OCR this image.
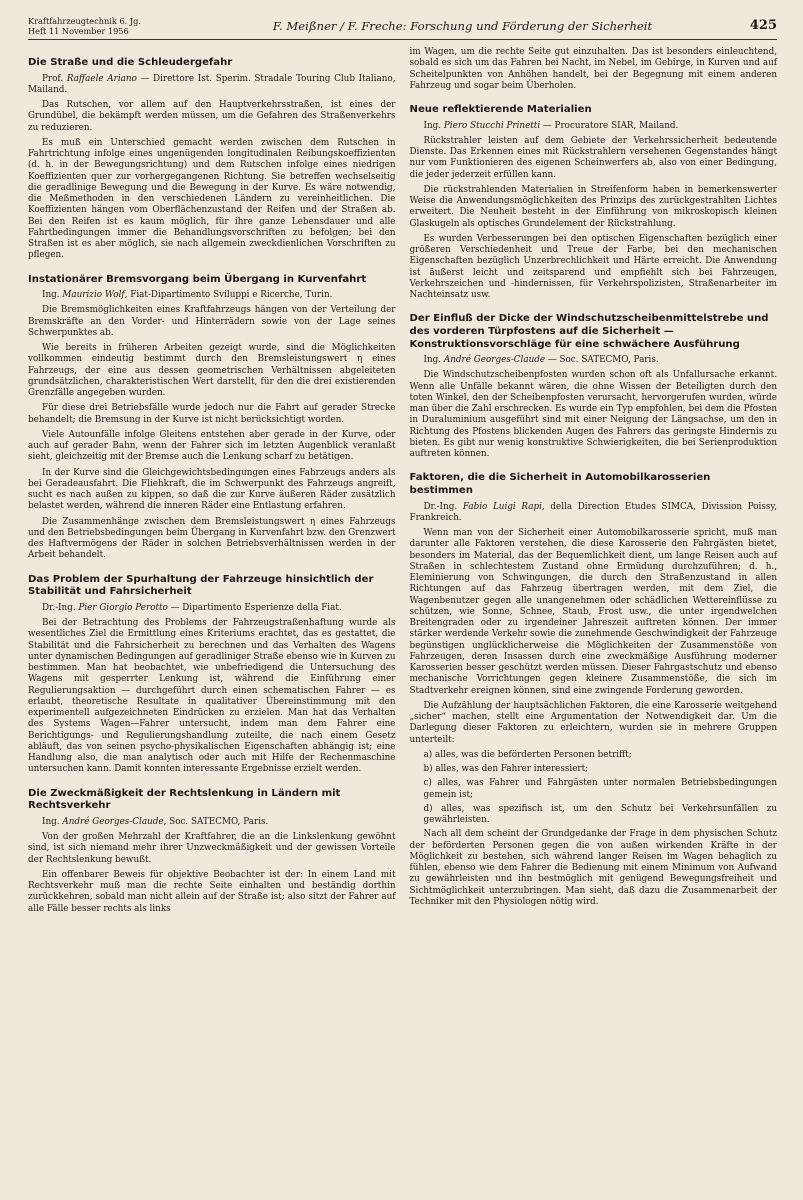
Kraftfahrzeugtechnik 6. Jg.
Heft 11 November 1956	F. Meißner / F. Freche: Forschung und Förderung der Sicherheit	425
Die Straße und die Schleudergefahr

Prof. Raffaele Ariano — Direttore Ist. Sperim. Stradale Touring Club Italiano, Mailand.

Das Rutschen, vor allem auf den Hauptverkehrsstraßen, ist eines der Grundübel, die bekämpft werden müssen, um die Gefahren des Straßenverkehrs zu reduzieren.

Es muß ein Unterschied gemacht werden zwischen dem Rutschen in Fahrtrichtung infolge eines ungenügenden longitudinalen Reibungskoeffizienten (d. h. in der Bewegungsrichtung) und dem Rutschen infolge eines niedrigen Koeffizienten quer zur vorhergegangenen Richtung. Sie betreffen wechselseitig die geradlinige Bewegung und die Bewegung in der Kurve. Es wäre notwendig, die Meßmethoden in den verschiedenen Ländern zu vereinheitlichen. Die Koeffizienten hängen vom Oberflächenzustand der Reifen und der Straßen ab. Bei den Reifen ist es kaum möglich, für ihre ganze Lebensdauer und alle Fahrtbedingungen immer die Behandlungsvorschriften zu befolgen; bei den Straßen ist es aber möglich, sie nach allgemein zweckdienlichen Vorschriften zu pflegen.

Instationärer Bremsvorgang beim Übergang in Kurvenfahrt

Ing. Maurizio Wolf, Fiat-Dipartimento Sviluppi e Ricerche, Turin.

Die Bremsmöglichkeiten eines Kraftfahrzeugs hängen von der Verteilung der Bremskräfte an den Vorder- und Hinterrädern sowie von der Lage seines Schwerpunktes ab.

Wie bereits in früheren Arbeiten gezeigt wurde, sind die Möglichkeiten vollkommen eindeutig bestimmt durch den Bremsleistungswert η eines Fahrzeugs, der eine aus dessen geometrischen Verhältnissen abgeleiteten grundsätzlichen, charakteristischen Wert darstellt, für den die drei existierenden Grenzfälle angegeben wurden.

Für diese drei Betriebsfälle wurde jedoch nur die Fahrt auf gerader Strecke behandelt; die Bremsung in der Kurve ist nicht berücksichtigt worden.

Viele Autounfälle infolge Gleitens entstehen aber gerade in der Kurve, oder auch auf gerader Bahn, wenn der Fahrer sich im letzten Augenblick veranlaßt sieht, gleichzeitig mit der Bremse auch die Lenkung scharf zu betätigen.

In der Kurve sind die Gleichgewichtsbedingungen eines Fahrzeugs anders als bei Geradeausfahrt. Die Fliehkraft, die im Schwerpunkt des Fahrzeugs angreift, sucht es nach außen zu kippen, so daß die zur Kurve äußeren Räder zusätzlich belastet werden, während die inneren Räder eine Entlastung erfahren.

Die Zusammenhänge zwischen dem Bremsleistungswert η eines Fahrzeugs und den Betriebsbedingungen beim Übergang in Kurvenfahrt bzw. den Grenzwert des Haftvermögens der Räder in solchen Betriebsverhältnissen werden in der Arbeit behandelt.

Das Problem der Spurhaltung der Fahrzeuge hinsichtlich der Stabilität und Fahrsicherheit

Dr.-Ing. Pier Giorgio Perotto — Dipartimento Esperienze della Fiat.

Bei der Betrachtung des Problems der Fahrzeugstraßenhaftung wurde als wesentliches Ziel die Ermittlung eines Kriteriums erachtet, das es gestattet, die Stabilität und die Fahrsicherheit zu berechnen und das Verhalten des Wagens unter dynamischen Bedingungen auf geradliniger Straße ebenso wie in Kurven zu bestimmen. Man hat beobachtet, wie unbefriedigend die Untersuchung des Wagens mit gesperrter Lenkung ist, während die Einführung einer Regulierungsaktion — durchgeführt durch einen schematischen Fahrer — es erlaubt, theoretische Resultate in qualitativer Übereinstimmung mit den experimentell aufgezeichneten Eindrücken zu erzielen. Man hat das Verhalten des Systems Wagen—Fahrer untersucht, indem man dem Fahrer eine Berichtigungs- und Regulierungshandlung zuteilte, die nach einem Gesetz abläuft, das von seinen psycho-physikalischen Eigenschaften abhängig ist; eine Handlung also, die man analytisch oder auch mit Hilfe der Rechenmaschine untersuchen kann. Damit konnten interessante Ergebnisse erzielt werden.

Die Zweckmäßigkeit der Rechtslenkung in Ländern mit Rechtsverkehr

Ing. André Georges-Claude, Soc. SATECMO, Paris.

Von der großen Mehrzahl der Kraftfahrer, die an die Linkslenkung gewöhnt sind, ist sich niemand mehr ihrer Unzweckmäßigkeit und der gewissen Vorteile der Rechtslenkung bewußt.

Ein offenbarer Beweis für objektive Beobachter ist der: In einem Land mit Rechtsverkehr muß man die rechte Seite einhalten und beständig dorthin zurückkehren, sobald man nicht allein auf der Straße ist; also sitzt der Fahrer auf alle Fälle besser rechts als links

im Wagen, um die rechte Seite gut einzuhalten. Das ist besonders einleuchtend, sobald es sich um das Fahren bei Nacht, im Nebel, im Gebirge, in Kurven und auf Scheitelpunkten von Anhöhen handelt, bei der Begegnung mit einem anderen Fahrzeug und sogar beim Überholen.

Neue reflektierende Materialien

Ing. Piero Stucchi Prinetti — Procuratore SIAR, Mailand.

Rückstrahler leisten auf dem Gebiete der Verkehrssicherheit bedeutende Dienste. Das Erkennen eines mit Rückstrahlern versehenen Gegenstandes hängt nur vom Funktionieren des eigenen Scheinwerfers ab, also von einer Bedingung, die jeder jederzeit erfüllen kann.

Die rückstrahlenden Materialien in Streifenform haben in bemerkenswerter Weise die Anwendungsmöglichkeiten des Prinzips des zurückgestrahlten Lichtes erweitert. Die Neuheit besteht in der Einführung von mikroskopisch kleinen Glaskugeln als optisches Grundelement der Rückstrahlung.

Es wurden Verbesserungen bei den optischen Eigenschaften bezüglich einer größeren Verschiedenheit und Treue der Farbe, bei den mechanischen Eigenschaften bezüglich Unzerbrechlichkeit und Härte erreicht. Die Anwendung ist äußerst leicht und zeitsparend und empfiehlt sich bei Fahrzeugen, Verkehrszeichen und -hindernissen, für Verkehrspolizisten, Straßenarbeiter im Nachteinsatz usw.

Der Einfluß der Dicke der Windschutzscheibenmittelstrebe und des vorderen Türpfostens auf die Sicherheit — Konstruktionsvorschläge für eine schwächere Ausführung

Ing. André Georges-Claude — Soc. SATECMO, Paris.

Die Windschutzscheibenpfosten wurden schon oft als Unfallursache erkannt. Wenn alle Unfälle bekannt wären, die ohne Wissen der Beteiligten durch den toten Winkel, den der Scheibenpfosten verursacht, hervorgerufen wurden, würde man über die Zahl erschrecken. Es wurde ein Typ empfohlen, bei dem die Pfosten in Duraluminium ausgeführt sind mit einer Neigung der Längsachse, um den in Richtung des Pfostens blickenden Augen des Fahrers das geringste Hindernis zu bieten. Es gibt nur wenig konstruktive Schwierigkeiten, die bei Serienproduktion auftreten können.

Faktoren, die die Sicherheit in Automobilkarosserien bestimmen

Dr.-Ing. Fabio Luigi Rapi, della Direction Etudes SIMCA, Divission Poissy, Frankreich.

Wenn man von der Sicherheit einer Automobilkarosserie spricht, muß man darunter alle Faktoren verstehen, die diese Karosserie den Fahrgästen bietet, besonders im Material, das der Bequemlichkeit dient, um lange Reisen auch auf Straßen in schlechtestem Zustand ohne Ermüdung durchzuführen; d. h., Eleminierung von Schwingungen, die durch den Straßenzustand in allen Richtungen auf das Fahrzeug übertragen werden, mit dem Ziel, die Wagenbenutzer gegen alle unangenehmen oder schädlichen Wettereinflüsse zu schützen, wie Sonne, Schnee, Staub, Frost usw., die unter irgendwelchen Breitengraden oder zu irgendeiner Jahreszeit auftreten können. Der immer stärker werdende Verkehr sowie die zunehmende Geschwindigkeit der Fahrzeuge begünstigen unglücklicherweise die Möglichkeiten der Zusammenstöße von Fahrzeugen, deren Insassen durch eine zweckmäßige Ausführung moderner Karosserien besser geschützt werden müssen. Dieser Fahrgastschutz und ebenso mechanische Vorrichtungen gegen kleinere Zusammenstöße, die sich im Stadtverkehr ereignen können, sind eine zwingende Forderung geworden.

Die Aufzählung der hauptsächlichen Faktoren, die eine Karosserie weitgehend „sicher“ machen, stellt eine Argumentation der Notwendigkeit dar. Um die Darlegung dieser Faktoren zu erleichtern, wurden sie in mehrere Gruppen unterteilt:

a) alles, was die beförderten Personen betrifft;

b) alles, was den Fahrer interessiert;

c) alles, was Fahrer und Fahrgästen unter normalen Betriebsbedingungen gemein ist;

d) alles, was spezifisch ist, um den Schutz bei Verkehrsunfällen zu gewährleisten.

Nach all dem scheint der Grundgedanke der Frage in dem physischen Schutz der beförderten Personen gegen die von außen wirkenden Kräfte in der Möglichkeit zu bestehen, sich während langer Reisen im Wagen behaglich zu fühlen, ebenso wie dem Fahrer die Bedienung mit einem Minimum von Aufwand zu gewährleisten und ihn bestmöglich mit genügend Bewegungsfreiheit und Sichtmöglichkeit unterzubringen. Man sieht, daß dazu die Zusammenarbeit der Techniker mit den Physiologen nötig wird.
